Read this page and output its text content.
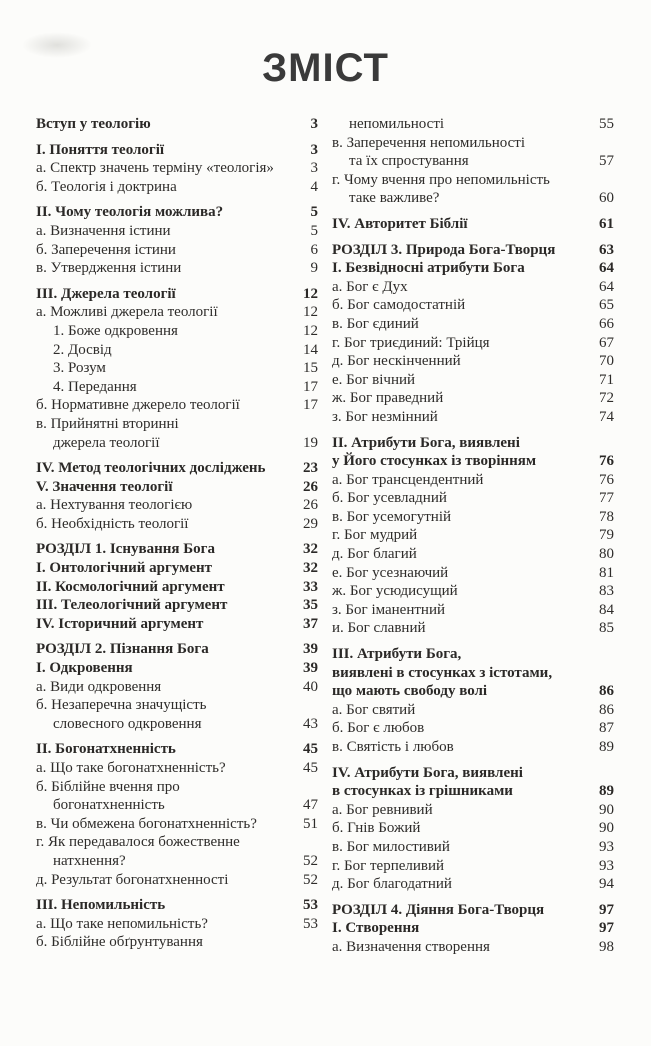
ЗМІСТ
Вступ у теологію	3
I. Поняття теології	3
а. Спектр значень терміну «теологія»	3
б. Теологія і доктрина	4
II. Чому теологія можлива?	5
а. Визначення істини	5
б. Заперечення істини	6
в. Утвердження істини	9
III. Джерела теології	12
а. Можливі джерела теології	12
1. Боже одкровення	12
2. Досвід	14
3. Розум	15
4. Передання	17
б. Нормативне джерело теології	17
в. Прийнятні вторинні
джерела теології	19
IV. Метод теологічних досліджень	23
V. Значення теології	26
а. Нехтування теологією	26
б. Необхідність теології	29
РОЗДІЛ 1. Існування Бога	32
I. Онтологічний аргумент	32
II. Космологічний аргумент	33
III. Телеологічний аргумент	35
IV. Історичний аргумент	37
РОЗДІЛ 2. Пізнання Бога	39
I. Одкровення	39
а. Види одкровення	40
б. Незаперечна значущість
словесного одкровення	43
II. Богонатхненність	45
а. Що таке богонатхненність?	45
б. Біблійне вчення про
богонатхненність	47
в. Чи обмежена богонатхненність?	51
г. Як передавалося божественне
натхнення?	52
д. Результат богонатхненності	52
III. Непомильність	53
а. Що таке непомильність?	53
б. Біблійне обґрунтування
непомильності	55
в. Заперечення непомильності
та їх спростування	57
г. Чому вчення про непомильність
таке важливе?	60
IV. Авторитет Біблії	61
РОЗДІЛ 3. Природа Бога-Творця	63
I. Безвідносні атрибути Бога	64
а. Бог є Дух	64
б. Бог самодостатній	65
в. Бог єдиний	66
г. Бог триєдиний: Трійця	67
д. Бог нескінченний	70
е. Бог вічний	71
ж. Бог праведний	72
з. Бог незмінний	74
II. Атрибути Бога, виявлені
у Його стосунках із творінням	76
а. Бог трансцендентний	76
б. Бог усевладний	77
в. Бог усемогутній	78
г. Бог мудрий	79
д. Бог благий	80
е. Бог усезнаючий	81
ж. Бог усюдисущий	83
з. Бог іманентний	84
и. Бог славний	85
III. Атрибути Бога,
виявлені в стосунках з істотами,
що мають свободу волі	86
а. Бог святий	86
б. Бог є любов	87
в. Святість і любов	89
IV. Атрибути Бога, виявлені
в стосунках із грішниками	89
а. Бог ревнивий	90
б. Гнів Божий	90
в. Бог милостивий	93
г. Бог терпеливий	93
д. Бог благодатний	94
РОЗДІЛ 4. Діяння Бога-Творця	97
I. Створення	97
а. Визначення створення	98
